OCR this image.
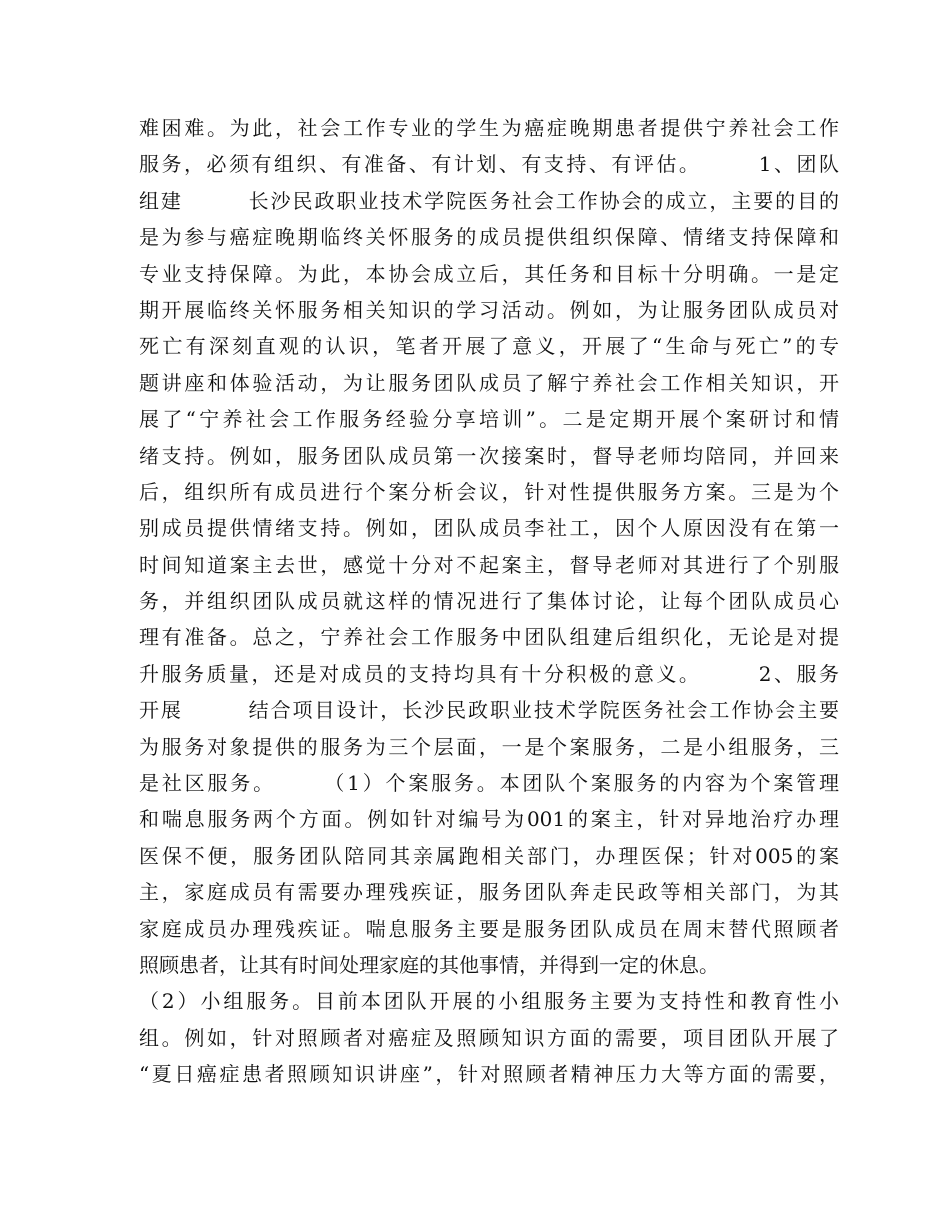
难困难。为此，社会工作专业的学生为癌症晚期患者提供宁养社会工作
服务，必须有组织、有准备、有计划、有支持、有评估。　　　1、团队
组建　　　长沙民政职业技术学院医务社会工作协会的成立，主要的目的
是为参与癌症晚期临终关怀服务的成员提供组织保障、情绪支持保障和
专业支持保障。为此，本协会成立后，其任务和目标十分明确。一是定
期开展临终关怀服务相关知识的学习活动。例如，为让服务团队成员对
死亡有深刻直观的认识，笔者开展了意义，开展了“生命与死亡”的专
题讲座和体验活动，为让服务团队成员了解宁养社会工作相关知识，开
展了“宁养社会工作服务经验分享培训”。二是定期开展个案研讨和情
绪支持。例如，服务团队成员第一次接案时，督导老师均陪同，并回来
后，组织所有成员进行个案分析会议，针对性提供服务方案。三是为个
别成员提供情绪支持。例如，团队成员李社工，因个人原因没有在第一
时间知道案主去世，感觉十分对不起案主，督导老师对其进行了个别服
务，并组织团队成员就这样的情况进行了集体讨论，让每个团队成员心
理有准备。总之，宁养社会工作服务中团队组建后组织化，无论是对提
升服务质量，还是对成员的支持均具有十分积极的意义。　　　2、服务
开展　　　结合项目设计，长沙民政职业技术学院医务社会工作协会主要
为服务对象提供的服务为三个层面，一是个案服务，二是小组服务，三
是社区服务。　　　（1）个案服务。本团队个案服务的内容为个案管理
和喘息服务两个方面。例如针对编号为001的案主，针对异地治疗办理
医保不便，服务团队陪同其亲属跑相关部门，办理医保；针对005的案
主，家庭成员有需要办理残疾证，服务团队奔走民政等相关部门，为其
家庭成员办理残疾证。喘息服务主要是服务团队成员在周末替代照顾者
照顾患者，让其有时间处理家庭的其他事情，并得到一定的休息。
（2）小组服务。目前本团队开展的小组服务主要为支持性和教育性小
组。例如，针对照顾者对癌症及照顾知识方面的需要，项目团队开展了
“夏日癌症患者照顾知识讲座”，针对照顾者精神压力大等方面的需要，
